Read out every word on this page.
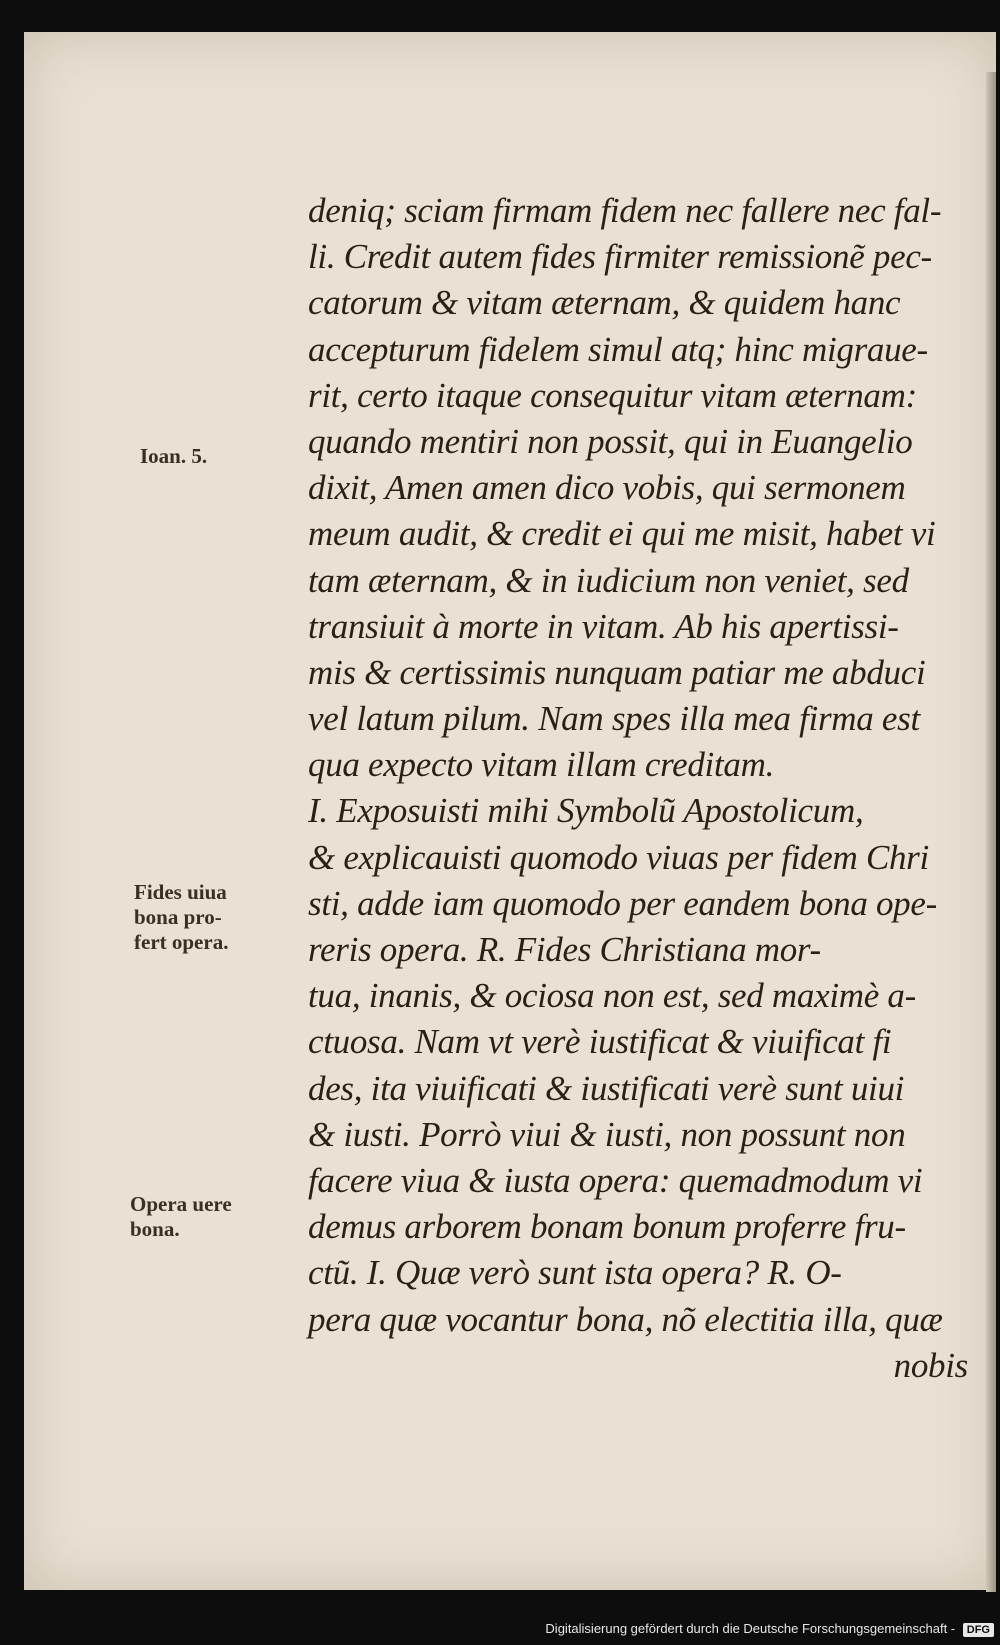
deniq; sciam firmam fidem nec fallere nec fal-
li. Credit autem fides firmiter remissionẽ pec-
catorum & vitam æternam, & quidem hanc
accepturum fidelem simul atq; hinc migraue-
rit, certo itaque consequitur vitam æternam:
quando mentiri non possit, qui in Euangelio
dixit, Amen amen dico vobis, qui sermonem
meum audit, & credit ei qui me misit, habet vi
tam æternam, & in iudicium non veniet, sed
transiuit à morte in vitam. Ab his apertissi-
mis & certissimis nunquam patiar me abduci
vel latum pilum. Nam spes illa mea firma est
qua expecto vitam illam creditam.
I. Exposuisti mihi Symbolũ Apostolicum,
& explicauisti quomodo viuas per fidem Chri
sti, adde iam quomodo per eandem bona ope-
reris opera. R. Fides Christiana mor-
tua, inanis, & ociosa non est, sed maximè a-
ctuosa. Nam vt verè iustificat & viuificat fi
des, ita viuificati & iustificati verè sunt uiui
& iusti. Porrò viui & iusti, non possunt non
facere viua & iusta opera: quemadmodum vi
demus arborem bonam bonum proferre fru-
ctũ. I. Quæ verò sunt ista opera? R. O-
pera quæ vocantur bona, nõ electitia illa, quæ
nobis
Ioan. 5.
Fides uiua
bona pro-
fert opera.
Opera uere
bona.
Digitalisierung gefördert durch die Deutsche Forschungsgemeinschaft - DFG
